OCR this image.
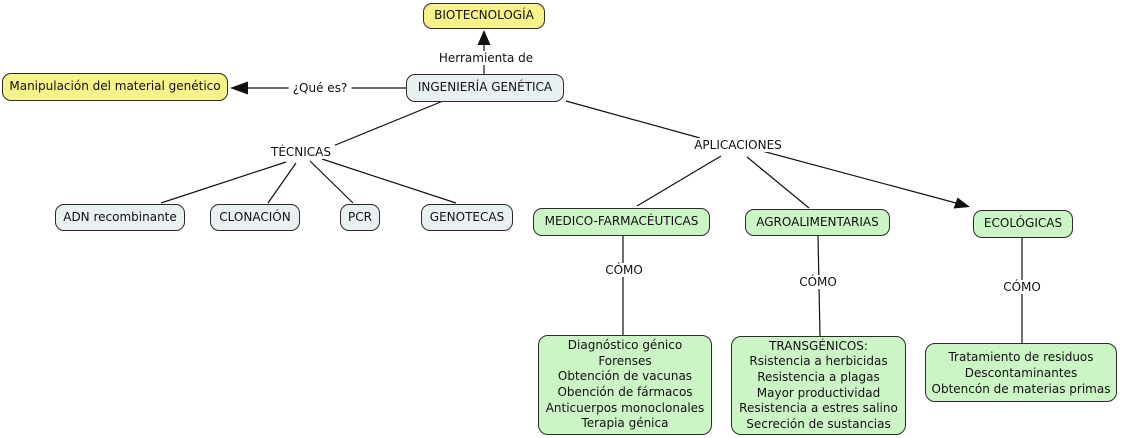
BIOTECNOLOGÍA
INGENIERÍA GENÉTICA
Manipulación del material genético
Herramienta de
¿Qué es?
TÉCNICAS	APLICACIONES
CÓMO
CÓMO	CÓMO
ADN recombinante	CLONACIÓN	PCR	GENOTECAS	MEDICO-FARMACÉUTICAS	AGROALIMENTARIAS	ECOLÓGICAS
Diagnóstico génico
Forenses
Obtención de vacunas
Obención de fármacos
Anticuerpos monoclonales
Terapia génica
TRANSGÉNICOS:
Rsistencia a herbicidas
Resistencia a plagas
Mayor productividad
Resistencia a estres salino
Secreción de sustancias
Tratamiento de residuos
Descontaminantes
Obtencón de materias primas
